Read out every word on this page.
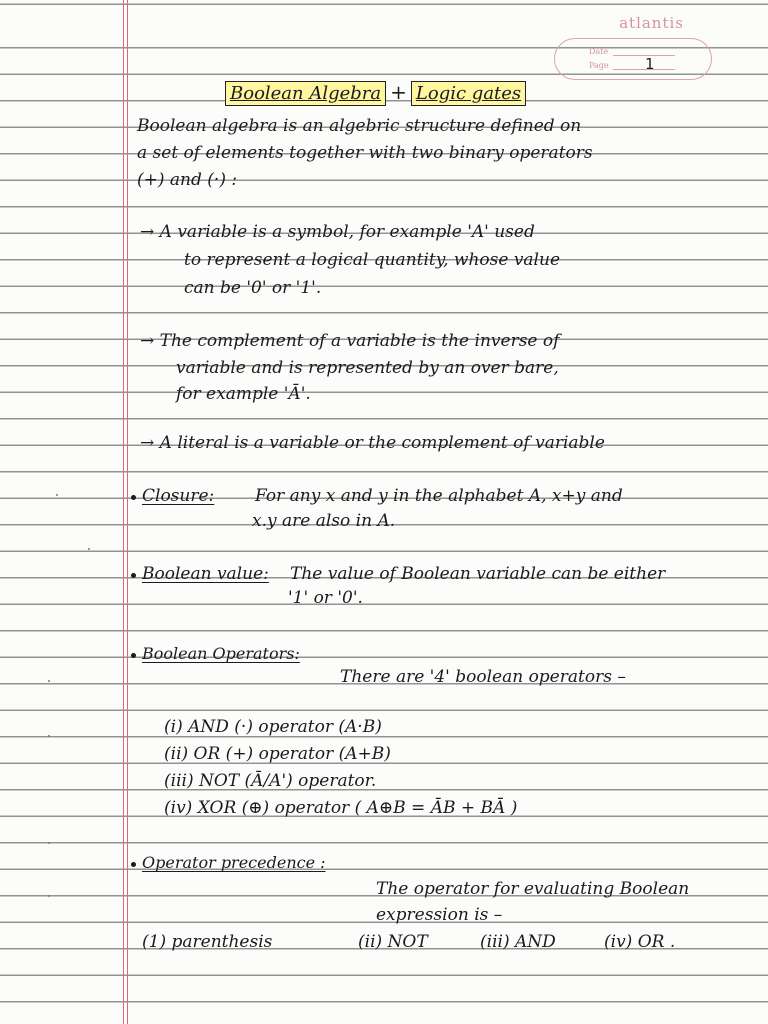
atlantis
Date
Page 1
Boolean Algebra + Logic gates
Boolean algebra is an algebric structure defined on
a set of elements together with two binary operators
(+) and (·) :
→ A variable is a symbol, for example 'A' used
to represent a logical quantity, whose value
can be '0' or '1'.
→ The complement of a variable is the inverse of
variable and is represented by an over bare,
for example 'Ā'.
→ A literal is a variable or the complement of variable
Closure: For any x and y in the alphabet A, x+y and
x.y are also in A.
Boolean value: The value of Boolean variable can be either
'1' or '0'.
Boolean Operators:
There are '4' boolean operators –
(i) AND (·) operator (A·B)
(ii) OR (+) operator (A+B)
(iii) NOT (Ā/A') operator.
(iv) XOR (⊕) operator ( A⊕B = ĀB + BĀ )
Operator precedence :
The operator for evaluating Boolean
expression is –
(1) parenthesis	(ii) NOT	(iii) AND	(iv) OR .
